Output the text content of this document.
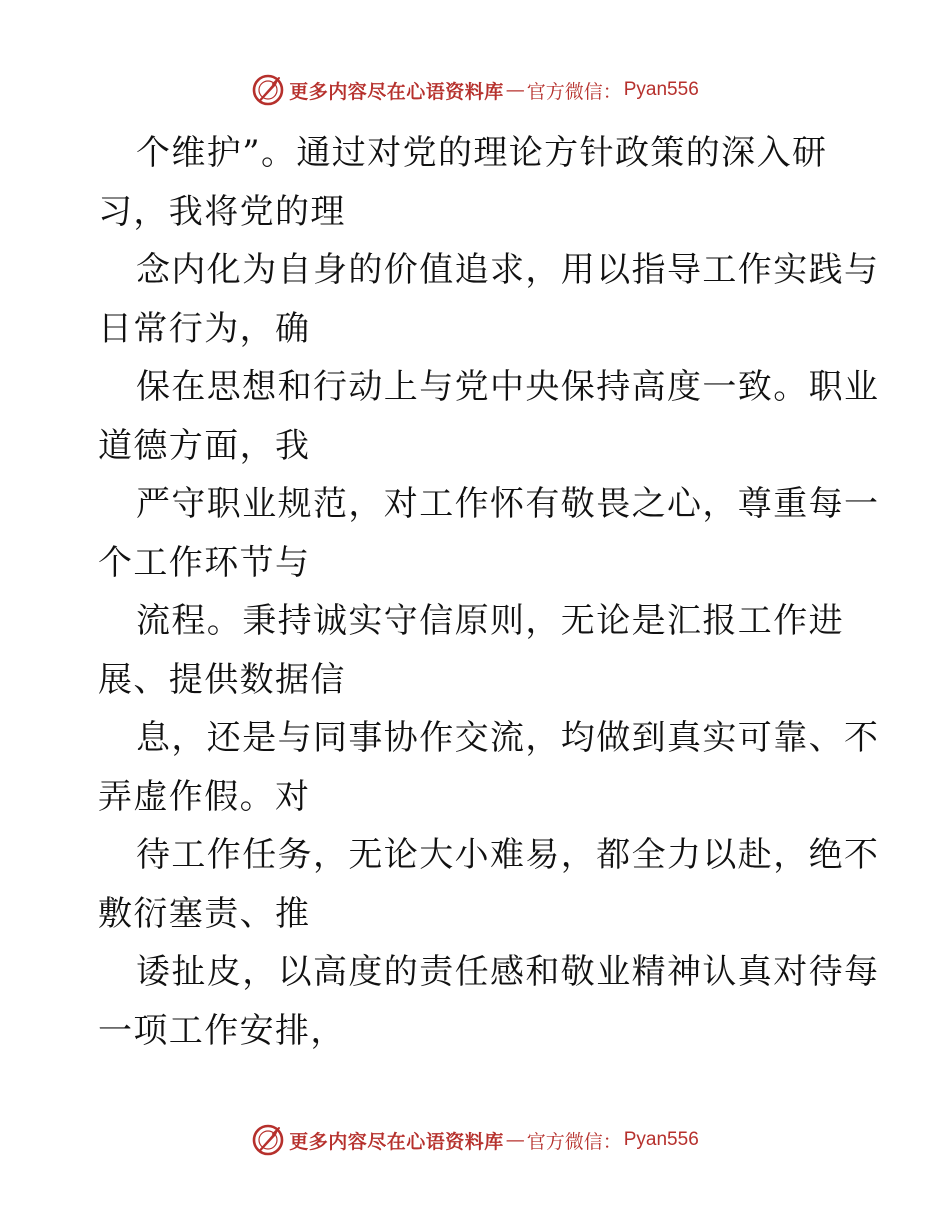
更多内容尽在心语资料库 — 官方微信： Pyan556
个维护”。通过对党的理论方针政策的深入研
习，我将党的理
念内化为自身的价值追求，用以指导工作实践与
日常行为，确
保在思想和行动上与党中央保持高度一致。职业
道德方面，我
严守职业规范，对工作怀有敬畏之心，尊重每一
个工作环节与
流程。秉持诚实守信原则，无论是汇报工作进
展、提供数据信
息，还是与同事协作交流，均做到真实可靠、不
弄虚作假。对
待工作任务，无论大小难易，都全力以赴，绝不
敷衍塞责、推
诿扯皮，以高度的责任感和敬业精神认真对待每
一项工作安排，
更多内容尽在心语资料库 — 官方微信： Pyan556
